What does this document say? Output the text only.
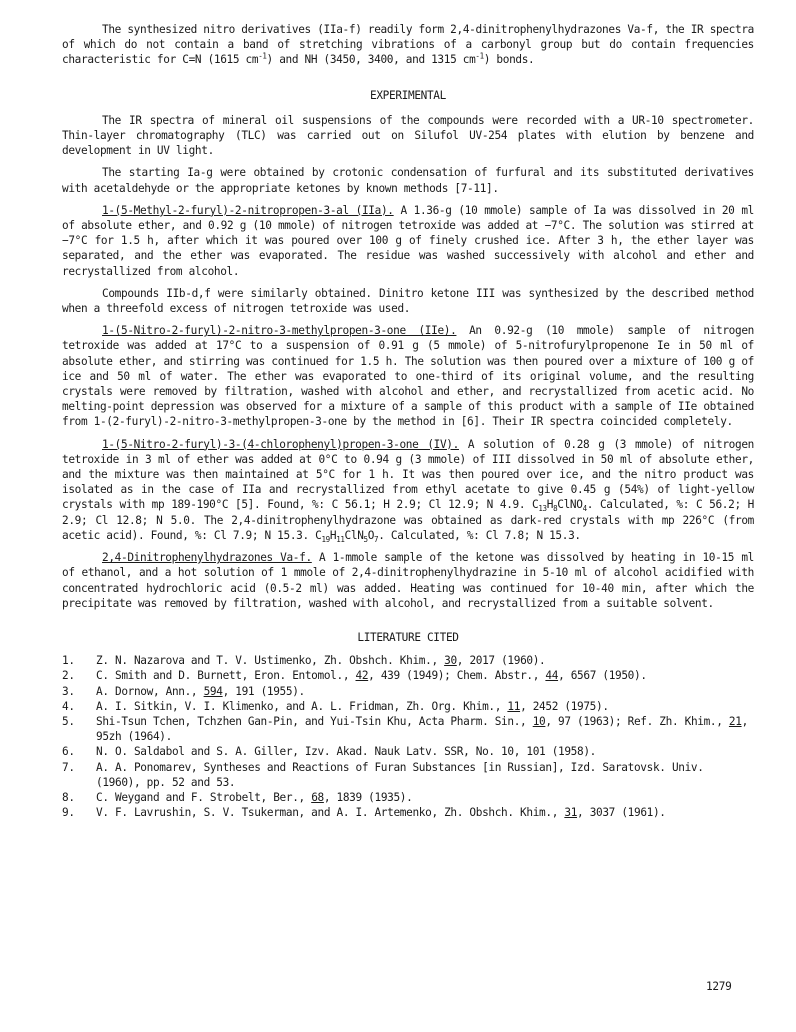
The synthesized nitro derivatives (IIa-f) readily form 2,4-dinitrophenylhydrazones Va-f, the IR spectra of which do not contain a band of stretching vibrations of a carbonyl group but do contain frequencies characteristic for C=N (1615 $cm^{-1}$) and NH (3450, 3400, and 1315 $cm^{-1}$) bonds.

EXPERIMENTAL

The IR spectra of mineral oil suspensions of the compounds were recorded with a UR-10 spectrometer. Thin-layer chromatography (TLC) was carried out on Silufol UV-254 plates with elution by benzene and development in UV light.

The starting Ia-g were obtained by crotonic condensation of furfural and its substituted derivatives with acetaldehyde or the appropriate ketones by known methods [7-11].

1-(5-Methyl-2-furyl)-2-nitropropen-3-al (IIa). A 1.36-g (10 mmole) sample of Ia was dissolved in 20 ml of absolute ether, and 0.92 g (10 mmole) of nitrogen tetroxide was added at −7°C. The solution was stirred at −7°C for 1.5 h, after which it was poured over 100 g of finely crushed ice. After 3 h, the ether layer was separated, and the ether was evaporated. The residue was washed successively with alcohol and ether and recrystallized from alcohol.

Compounds IIb-d,f were similarly obtained. Dinitro ketone III was synthesized by the described method when a threefold excess of nitrogen tetroxide was used.

1-(5-Nitro-2-furyl)-2-nitro-3-methylpropen-3-one (IIe). An 0.92-g (10 mmole) sample of nitrogen tetroxide was added at 17°C to a suspension of 0.91 g (5 mmole) of 5-nitrofurylpropenone Ie in 50 ml of absolute ether, and stirring was continued for 1.5 h. The solution was then poured over a mixture of 100 g of ice and 50 ml of water. The ether was evaporated to one-third of its original volume, and the resulting crystals were removed by filtration, washed with alcohol and ether, and recrystallized from acetic acid. No melting-point depression was observed for a mixture of a sample of this product with a sample of IIe obtained from 1-(2-furyl)-2-nitro-3-methylpropen-3-one by the method in [6]. Their IR spectra coincided completely.

1-(5-Nitro-2-furyl)-3-(4-chlorophenyl)propen-3-one (IV). A solution of 0.28 g (3 mmole) of nitrogen tetroxide in 3 ml of ether was added at 0°C to 0.94 g (3 mmole) of III dissolved in 50 ml of absolute ether, and the mixture was then maintained at 5°C for 1 h. It was then poured over ice, and the nitro product was isolated as in the case of IIa and recrystallized from ethyl acetate to give 0.45 g (54%) of light-yellow crystals with mp 189-190°C [5]. Found, %: C 56.1; H 2.9; Cl 12.9; N 4.9. $C_{13}H_8ClNO_4$. Calculated, %: C 56.2; H 2.9; Cl 12.8; N 5.0. The 2,4-dinitrophenylhydrazone was obtained as dark-red crystals with mp 226°C (from acetic acid). Found, %: Cl 7.9; N 15.3. $C_{19}H_{11}ClN_5O_7$. Calculated, %: Cl 7.8; N 15.3.

2,4-Dinitrophenylhydrazones Va-f. A 1-mmole sample of the ketone was dissolved by heating in 10-15 ml of ethanol, and a hot solution of 1 mmole of 2,4-dinitrophenylhydrazine in 5-10 ml of alcohol acidified with concentrated hydrochloric acid (0.5-2 ml) was added. Heating was continued for 10-40 min, after which the precipitate was removed by filtration, washed with alcohol, and recrystallized from a suitable solvent.

LITERATURE CITED
1.	Z. N. Nazarova and T. V. Ustimenko, Zh. Obshch. Khim., 30, 2017 (1960).
2.	C. Smith and D. Burnett, Eron. Entomol., 42, 439 (1949); Chem. Abstr., 44, 6567 (1950).
3.	A. Dornow, Ann., 594, 191 (1955).
4.	A. I. Sitkin, V. I. Klimenko, and A. L. Fridman, Zh. Org. Khim., 11, 2452 (1975).
5.	Shi-Tsun Tchen, Tchzhen Gan-Pin, and Yui-Tsin Khu, Acta Pharm. Sin., 10, 97 (1963); Ref. Zh. Khim., 21, 95zh (1964).
6.	N. O. Saldabol and S. A. Giller, Izv. Akad. Nauk Latv. SSR, No. 10, 101 (1958).
7.	A. A. Ponomarev, Syntheses and Reactions of Furan Substances [in Russian], Izd. Saratovsk. Univ. (1960), pp. 52 and 53.
8.	C. Weygand and F. Strobelt, Ber., 68, 1839 (1935).
9.	V. F. Lavrushin, S. V. Tsukerman, and A. I. Artemenko, Zh. Obshch. Khim., 31, 3037 (1961).
1279
